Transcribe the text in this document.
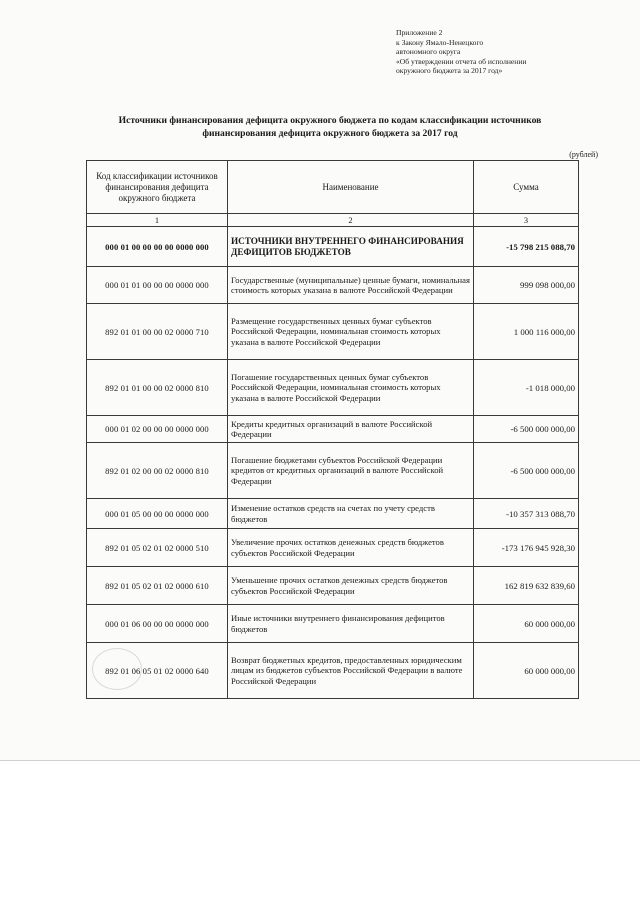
Приложение 2
к Закону Ямало-Ненецкого
автономного округа
«Об утверждении отчета об исполнении
окружного бюджета за 2017 год»
Источники финансирования дефицита окружного бюджета по кодам классификации источников
финансирования дефицита окружного бюджета за 2017 год
(рублей)
Код классификации источников финансирования дефицита окружного бюджета	Наименование	Сумма
1	2	3
000 01 00 00 00 00 0000 000	ИСТОЧНИКИ ВНУТРЕННЕГО ФИНАНСИРОВАНИЯ ДЕФИЦИТОВ БЮДЖЕТОВ	-15 798 215 088,70
000 01 01 00 00 00 0000 000	Государственные (муниципальные) ценные бумаги, номинальная стоимость которых указана в валюте Российской Федерации	999 098 000,00
892 01 01 00 00 02 0000 710	Размещение государственных ценных бумаг субъектов Российской Федерации, номинальная стоимость которых указана в валюте Российской Федерации	1 000 116 000,00
892 01 01 00 00 02 0000 810	Погашение государственных ценных бумаг субъектов Российской Федерации, номинальная стоимость которых указана в валюте Российской Федерации	-1 018 000,00
000 01 02 00 00 00 0000 000	Кредиты кредитных организаций в валюте Российской Федерации	-6 500 000 000,00
892 01 02 00 00 02 0000 810	Погашение бюджетами субъектов Российской Федерации кредитов от кредитных организаций в валюте Российской Федерации	-6 500 000 000,00
000 01 05 00 00 00 0000 000	Изменение остатков средств на счетах по учету средств бюджетов	-10 357 313 088,70
892 01 05 02 01 02 0000 510	Увеличение прочих остатков денежных средств бюджетов субъектов Российской Федерации	-173 176 945 928,30
892 01 05 02 01 02 0000 610	Уменьшение прочих остатков денежных средств бюджетов субъектов Российской Федерации	162 819 632 839,60
000 01 06 00 00 00 0000 000	Иные источники внутреннего финансирования дефицитов бюджетов	60 000 000,00
892 01 06 05 01 02 0000 640	Возврат бюджетных кредитов, предоставленных юридическим лицам из бюджетов субъектов Российской Федерации в валюте Российской Федерации	60 000 000,00
